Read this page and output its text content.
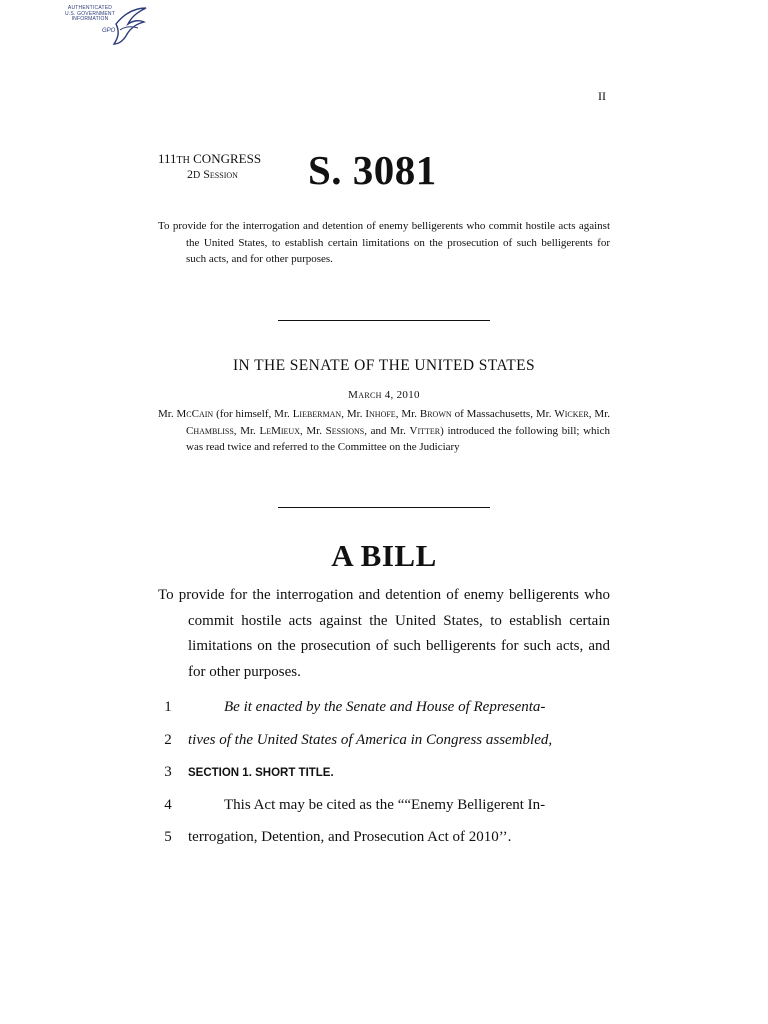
AUTHENTICATED
U.S. GOVERNMENT
INFORMATION
GPO
II
111TH CONGRESS
2D Session S. 3081
To provide for the interrogation and detention of enemy belligerents who commit hostile acts against the United States, to establish certain limitations on the prosecution of such belligerents for such acts, and for other purposes.
IN THE SENATE OF THE UNITED STATES
March 4, 2010
Mr. McCain (for himself, Mr. Lieberman, Mr. Inhofe, Mr. Brown of Massachusetts, Mr. Wicker, Mr. Chambliss, Mr. LeMieux, Mr. Sessions, and Mr. Vitter) introduced the following bill; which was read twice and referred to the Committee on the Judiciary
A BILL
To provide for the interrogation and detention of enemy belligerents who commit hostile acts against the United States, to establish certain limitations on the prosecution of such belligerents for such acts, and for other purposes.
1	Be it enacted by the Senate and House of Representa-
2	tives of the United States of America in Congress assembled,
3	SECTION 1. SHORT TITLE.
4	This Act may be cited as the ““Enemy Belligerent In-
5	terrogation, Detention, and Prosecution Act of 2010’’.
